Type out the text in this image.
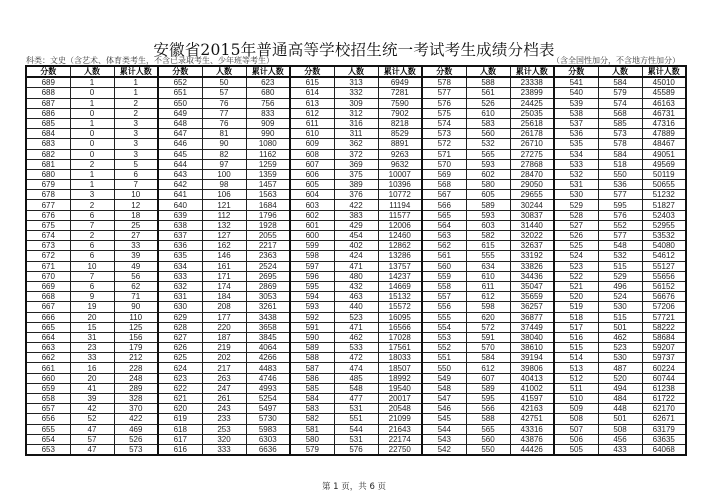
安徽省2015年普通高等学校招生统一考试考生成绩分档表
科类：文史（含艺术、体育类考生，不含已录取考生、少年班等考生）	（含全国性加分，不含地方性加分）
分数	人数	累计人数	分数	人数	累计人数	分数	人数	累计人数	分数	人数	累计人数	分数	人数	累计人数
689	1	1	652	50	623	615	313	6949	578	588	23338	541	584	45010
688	0	1	651	57	680	614	332	7281	577	561	23899	540	579	45589
687	1	2	650	76	756	613	309	7590	576	526	24425	539	574	46163
686	0	2	649	77	833	612	312	7902	575	610	25035	538	568	46731
685	1	3	648	76	909	611	316	8218	574	583	25618	537	585	47316
684	0	3	647	81	990	610	311	8529	573	560	26178	536	573	47889
683	0	3	646	90	1080	609	362	8891	572	532	26710	535	578	48467
682	0	3	645	82	1162	608	372	9263	571	565	27275	534	584	49051
681	2	5	644	97	1259	607	369	9632	570	593	27868	533	518	49569
680	1	6	643	100	1359	606	375	10007	569	602	28470	532	550	50119
679	1	7	642	98	1457	605	389	10396	568	580	29050	531	536	50655
678	3	10	641	106	1563	604	376	10772	567	605	29655	530	577	51232
677	2	12	640	121	1684	603	422	11194	566	589	30244	529	595	51827
676	6	18	639	112	1796	602	383	11577	565	593	30837	528	576	52403
675	7	25	638	132	1928	601	429	12006	564	603	31440	527	552	52955
674	2	27	637	127	2055	600	454	12460	563	582	32022	526	577	53532
673	6	33	636	162	2217	599	402	12862	562	615	32637	525	548	54080
672	6	39	635	146	2363	598	424	13286	561	555	33192	524	532	54612
671	10	49	634	161	2524	597	471	13757	560	634	33826	523	515	55127
670	7	56	633	171	2695	596	480	14237	559	610	34436	522	529	55656
669	6	62	632	174	2869	595	432	14669	558	611	35047	521	496	56152
668	9	71	631	184	3053	594	463	15132	557	612	35659	520	524	56676
667	19	90	630	208	3261	593	440	15572	556	598	36257	519	530	57206
666	20	110	629	177	3438	592	523	16095	555	620	36877	518	515	57721
665	15	125	628	220	3658	591	471	16566	554	572	37449	517	501	58222
664	31	156	627	187	3845	590	462	17028	553	591	38040	516	462	58684
663	23	179	626	219	4064	589	533	17561	552	570	38610	515	523	59207
662	33	212	625	202	4266	588	472	18033	551	584	39194	514	530	59737
661	16	228	624	217	4483	587	474	18507	550	612	39806	513	487	60224
660	20	248	623	263	4746	586	485	18992	549	607	40413	512	520	60744
659	41	289	622	247	4993	585	548	19540	548	589	41002	511	494	61238
658	39	328	621	261	5254	584	477	20017	547	595	41597	510	484	61722
657	42	370	620	243	5497	583	531	20548	546	566	42163	509	448	62170
656	52	422	619	233	5730	582	551	21099	545	588	42751	508	501	62671
655	47	469	618	253	5983	581	544	21643	544	565	43316	507	508	63179
654	57	526	617	320	6303	580	531	22174	543	560	43876	506	456	63635
653	47	573	616	333	6636	579	576	22750	542	550	44426	505	433	64068
第 1 页，共 6 页
